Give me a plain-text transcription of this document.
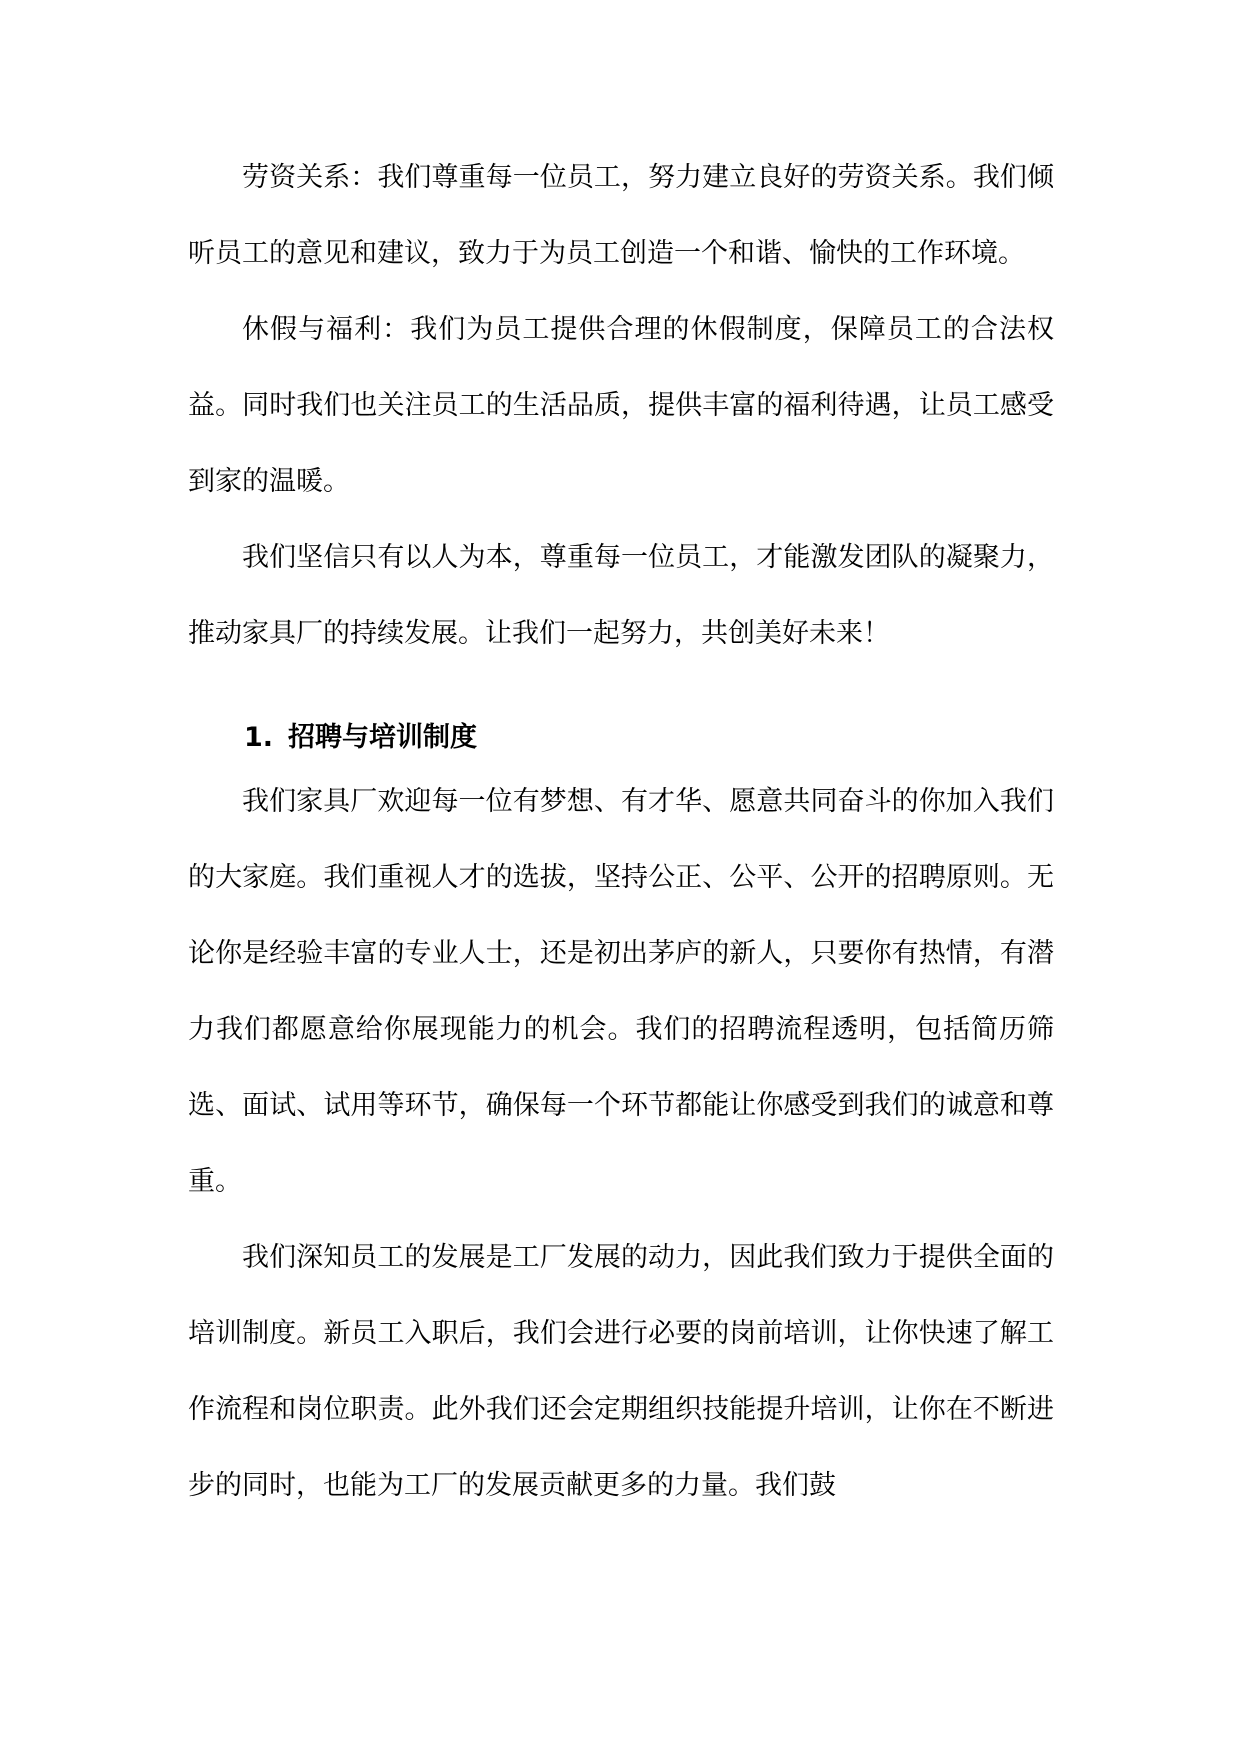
劳资关系：我们尊重每一位员工，努力建立良好的劳资关系。我们倾听员工的意见和建议，致力于为员工创造一个和谐、愉快的工作环境。

休假与福利：我们为员工提供合理的休假制度，保障员工的合法权益。同时我们也关注员工的生活品质，提供丰富的福利待遇，让员工感受到家的温暖。

我们坚信只有以人为本，尊重每一位员工，才能激发团队的凝聚力，推动家具厂的持续发展。让我们一起努力，共创美好未来！

1. 招聘与培训制度

我们家具厂欢迎每一位有梦想、有才华、愿意共同奋斗的你加入我们的大家庭。我们重视人才的选拔，坚持公正、公平、公开的招聘原则。无论你是经验丰富的专业人士，还是初出茅庐的新人，只要你有热情，有潜力我们都愿意给你展现能力的机会。我们的招聘流程透明，包括简历筛选、面试、试用等环节，确保每一个环节都能让你感受到我们的诚意和尊重。

我们深知员工的发展是工厂发展的动力，因此我们致力于提供全面的培训制度。新员工入职后，我们会进行必要的岗前培训，让你快速了解工作流程和岗位职责。此外我们还会定期组织技能提升培训，让你在不断进步的同时，也能为工厂的发展贡献更多的力量。我们鼓
